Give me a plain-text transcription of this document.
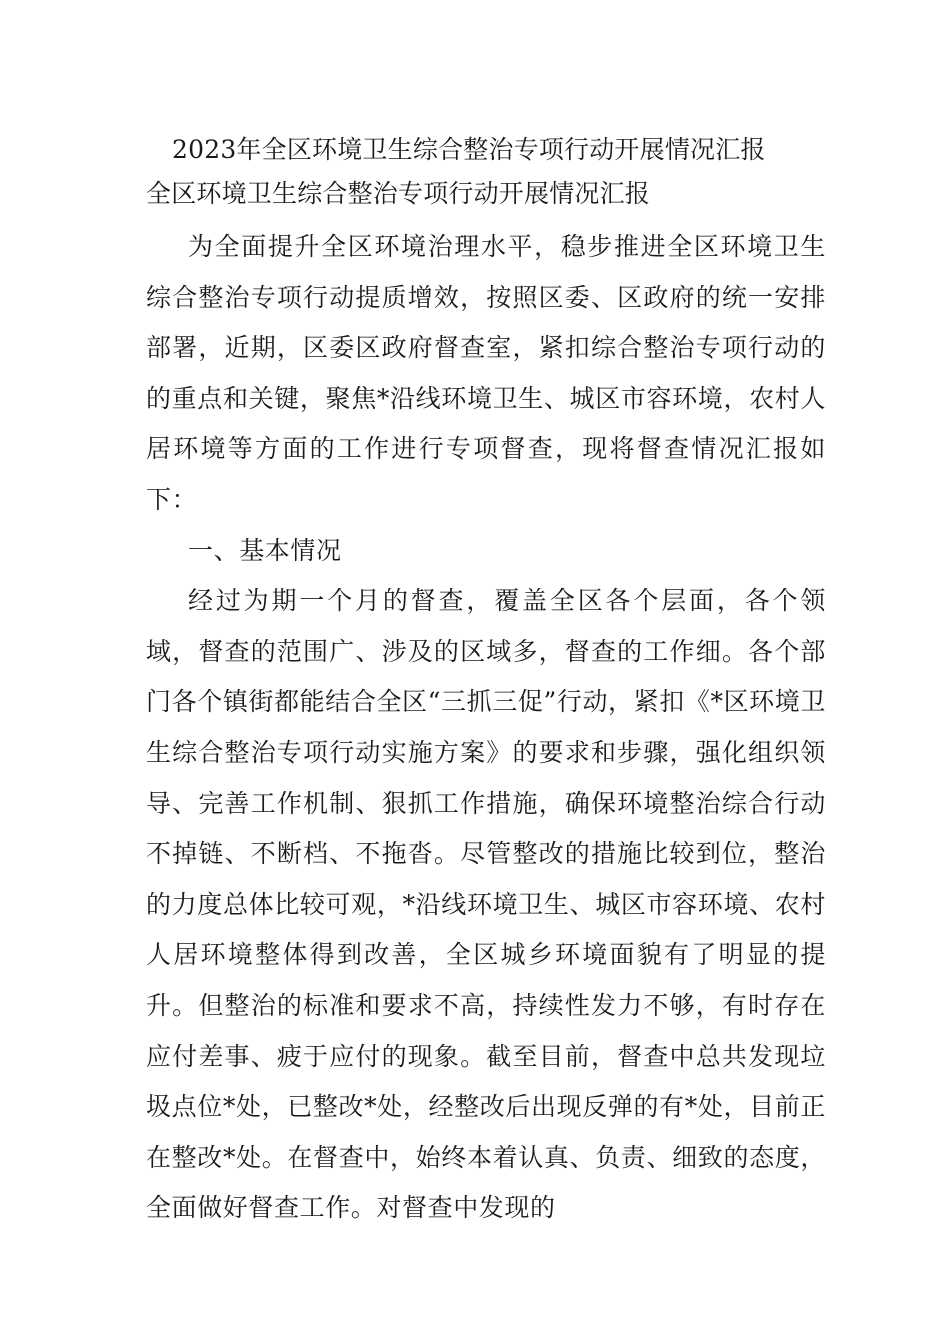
2023年全区环境卫生综合整治专项行动开展情况汇报
全区环境卫生综合整治专项行动开展情况汇报

为全面提升全区环境治理水平，稳步推进全区环境卫生综合整治专项行动提质增效，按照区委、区政府的统一安排部署，近期，区委区政府督查室，紧扣综合整治专项行动的的重点和关键，聚焦*沿线环境卫生、城区市容环境，农村人居环境等方面的工作进行专项督查，现将督查情况汇报如下：

一、基本情况

经过为期一个月的督查，覆盖全区各个层面，各个领域，督查的范围广、涉及的区域多，督查的工作细。各个部门各个镇街都能结合全区“三抓三促”行动，紧扣《*区环境卫生综合整治专项行动实施方案》的要求和步骤，强化组织领导、完善工作机制、狠抓工作措施，确保环境整治综合行动不掉链、不断档、不拖沓。尽管整改的措施比较到位，整治的力度总体比较可观，*沿线环境卫生、城区市容环境、农村人居环境整体得到改善，全区城乡环境面貌有了明显的提升。但整治的标准和要求不高，持续性发力不够，有时存在应付差事、疲于应付的现象。截至目前，督查中总共发现垃圾点位*处，已整改*处，经整改后出现反弹的有*处，目前正在整改*处。在督查中，始终本着认真、负责、细致的态度，全面做好督查工作。对督查中发现的
